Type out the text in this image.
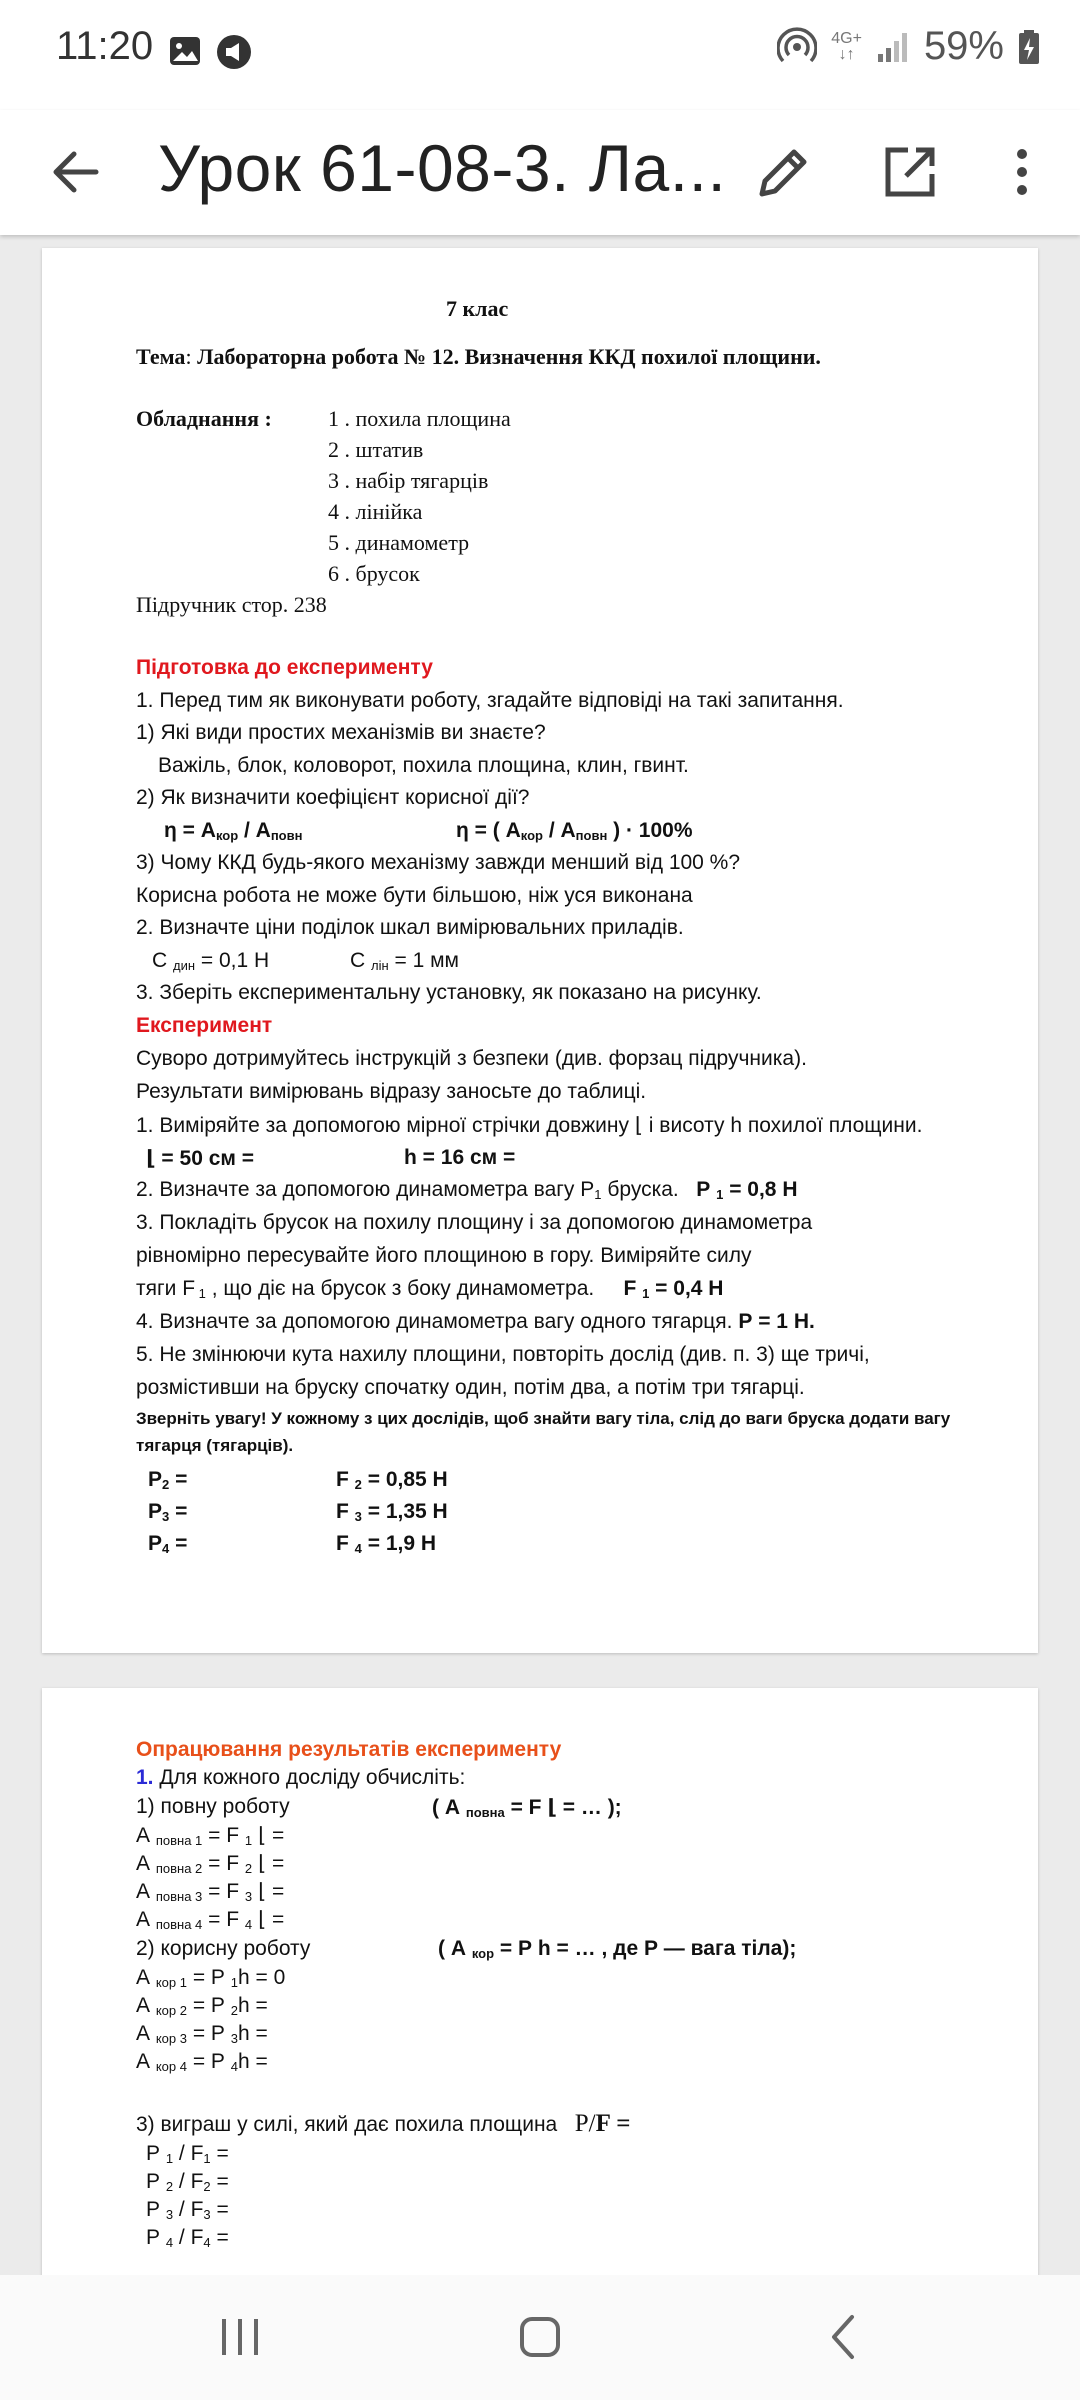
11:20	4G+
↓↑ 59%
Урок 61-08-3. Ла...
7 клас
Тема: Лабораторна робота № 12. Визначення ККД похилої площини.
Обладнання :	1 . похила площина
2 . штатив
3 . набір тягарців
4 . лінійка
5 . динамометр
6 . брусок
Підручник стор. 238
Підготовка до експерименту
1. Перед тим як виконувати роботу, згадайте відповіді на такі запитання.
1) Які види простих механізмів ви знаєте?
Важіль, блок, коловорот, похила площина, клин, гвинт.
2) Як визначити коефіцієнт корисної дії?
$\eta = А_{кор} / А_{повн}$	η = ( $А_{кор} / А_{повн}$ ) · 100%
3) Чому ККД будь-якого механізму завжди менший від 100 %?
Корисна робота не може бути більшою, ніж уся виконана
2. Визначте ціни поділок шкал вимірювальних приладів.
С $_{дин}$ = 0,1 Н	С $_{лін}$ = 1 мм
3. Зберіть експериментальну установку, як показано на рисунку.
Експеримент
Суворо дотримуйтесь інструкцій з безпеки (див. форзац підручника).
Результати вимірювань відразу заносьте до таблиці.
1. Виміряйте за допомогою мірної стрічки довжину ⌊ і висоту h похилої площини.
⌊ = 50 см =	h = 16 см =
2. Визначте за допомогою динамометра вагу $Р_1$ бруска. Р $_1$ = 0,8 Н
3. Покладіть брусок на похилу площину і за допомогою динамометра
рівномірно пересувайте його площиною в гору. Виміряйте силу
тяги F $_1$ , що діє на брусок з боку динамометра. F $_1$ = 0,4 Н
4. Визначте за допомогою динамометра вагу одного тягарця. Р = 1 Н.
5. Не змінюючи кута нахилу площини, повторіть дослід (див. п. 3) ще тричі,
розмістивши на бруску спочатку один, потім два, а потім три тягарці.
Зверніть увагу! У кожному з цих дослідів, щоб знайти вагу тіла, слід до ваги бруска додати вагу
тягарця (тягарців).
$Р_2$ =	F $_2$ = 0,85 Н
$Р_3$ =	F $_3$ = 1,35 Н
$Р_4$ =	F $_4$ = 1,9 Н
Опрацювання результатів експерименту
1. Для кожного досліду обчисліть:
1) повну роботу	( А $_{повна}$ = F ⌊ = … );
А $_{повна 1}$ = F $_1$ ⌊ =
А $_{повна 2}$ = F $_2$ ⌊ =
А $_{повна 3}$ = F $_3$ ⌊ =
А $_{повна 4}$ = F $_4$ ⌊ =
2) корисну роботу	( А $_{кор}$ = Р h = … , де Р — вага тіла);
А $_{кор 1}$ = Р $_1$h = 0
А $_{кор 2}$ = Р $_2$h =
А $_{кор 3}$ = Р $_3$h =
А $_{кор 4}$ = Р $_4$h =
3) виграш у силі, який дає похила площина Р/F =
Р $_1 / F_1$ =
Р $_2 / F_2$ =
Р $_3 / F_3$ =
Р $_4 / F_4$ =
